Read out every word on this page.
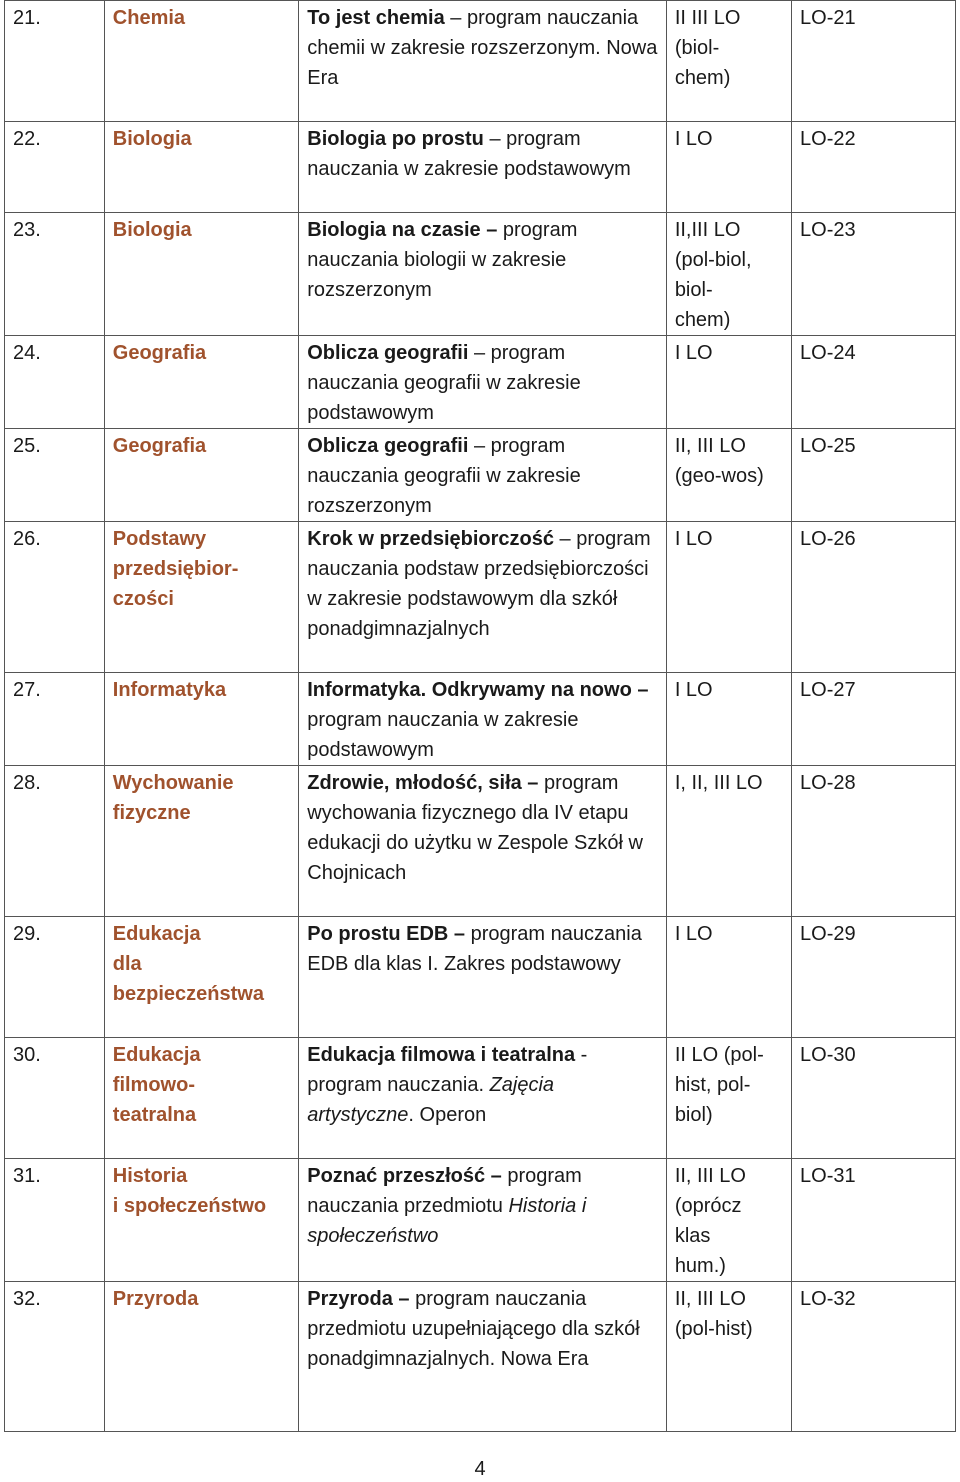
21.	Chemia	To jest chemia – program nauczania chemii w zakresie rozszerzonym. Nowa Era	II III LO
(biol-
chem)	LO-21
22.	Biologia	Biologia po prostu – program nauczania w zakresie podstawowym	I LO	LO-22
23.	Biologia	Biologia na czasie – program nauczania biologii w zakresie rozszerzonym	II,III LO
(pol-biol,
biol-
chem)	LO-23
24.	Geografia	Oblicza geografii – program nauczania geografii w zakresie podstawowym	I LO	LO-24
25.	Geografia	Oblicza geografii – program nauczania geografii w zakresie rozszerzonym	II, III LO
(geo-wos)	LO-25
26.	Podstawy
przedsiębior-
czości	Krok w przedsiębiorczość – program nauczania podstaw przedsiębiorczości w zakresie podstawowym dla szkół ponadgimnazjalnych	I LO	LO-26
27.	Informatyka	Informatyka. Odkrywamy na nowo – program nauczania w zakresie podstawowym	I LO	LO-27
28.	Wychowanie
fizyczne	Zdrowie, młodość, siła – program wychowania fizycznego dla IV etapu edukacji do użytku w Zespole Szkół w Chojnicach	I, II, III LO	LO-28
29.	Edukacja
dla
bezpieczeństwa	Po prostu EDB – program nauczania EDB dla klas I. Zakres podstawowy	I LO	LO-29
30.	Edukacja
filmowo-
teatralna	Edukacja filmowa i teatralna - program nauczania. Zajęcia artystyczne. Operon	II LO (pol-
hist, pol-
biol)	LO-30
31.	Historia
i społeczeństwo	Poznać przeszłość – program nauczania przedmiotu Historia i społeczeństwo	II, III LO
(oprócz
klas
hum.)	LO-31
32.	Przyroda	Przyroda – program nauczania przedmiotu uzupełniającego dla szkół ponadgimnazjalnych. Nowa Era	II, III LO
(pol-hist)	LO-32
4
